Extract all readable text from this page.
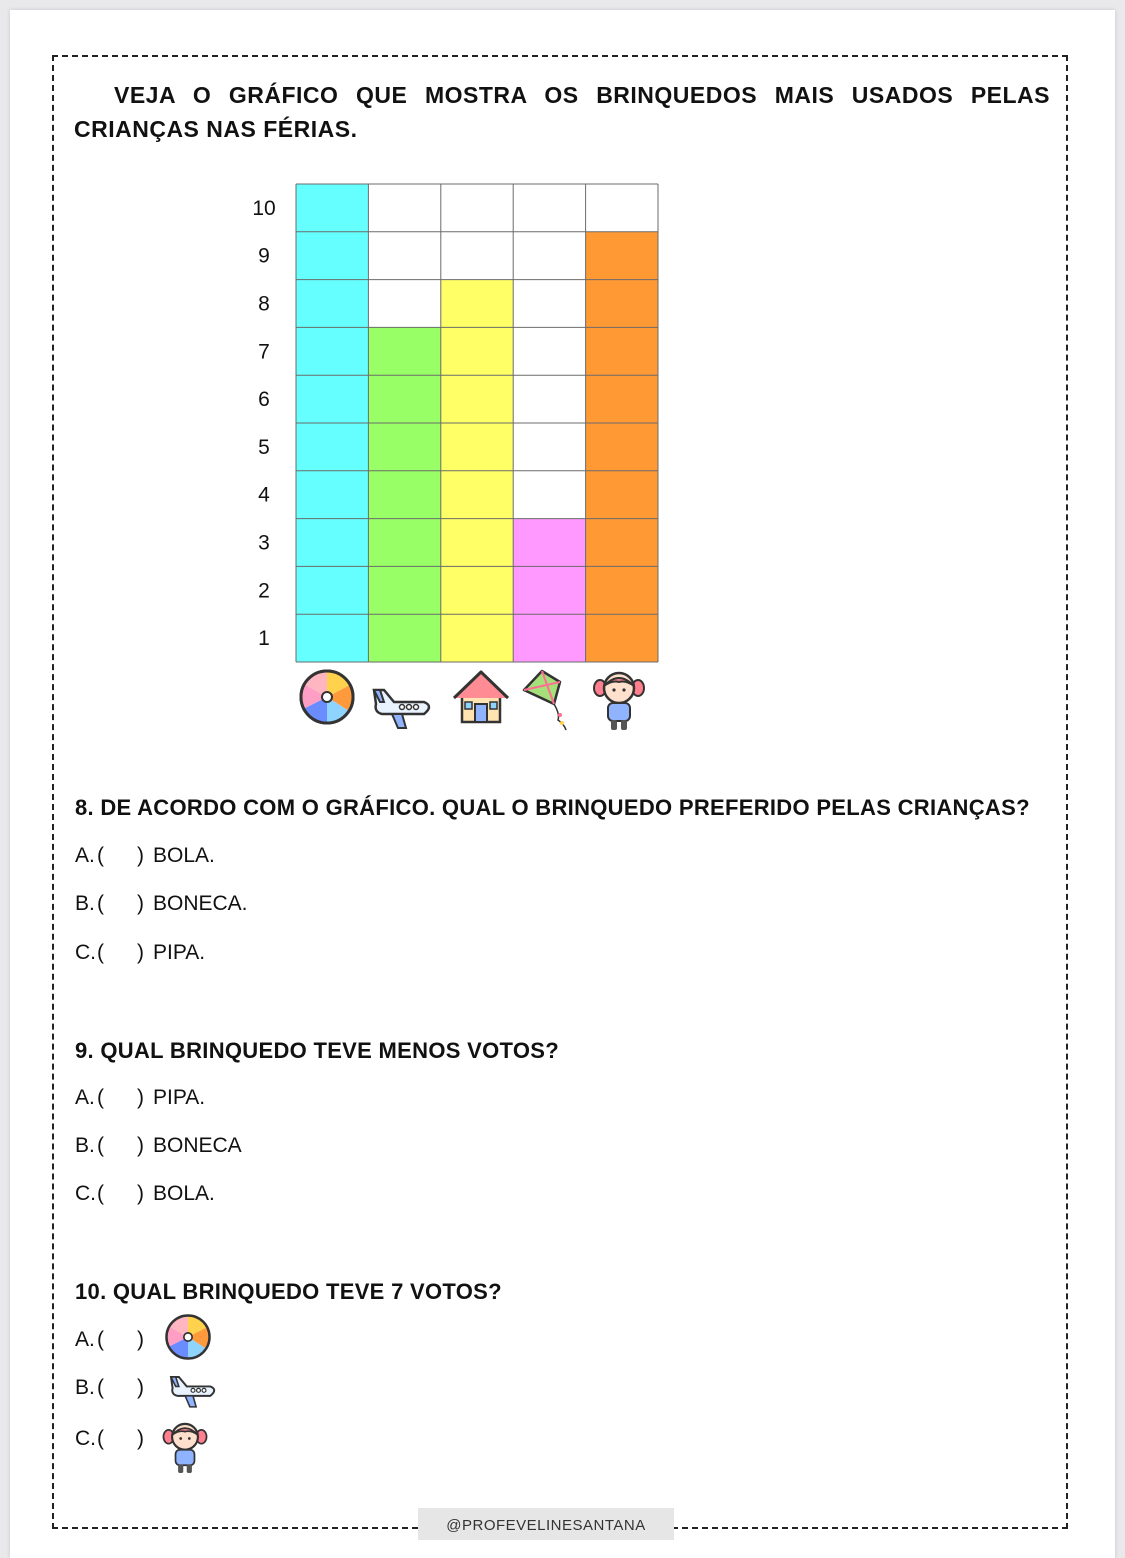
VEJA O GRÁFICO QUE MOSTRA OS BRINQUEDOS MAIS USADOS PELAS CRIANÇAS NAS FÉRIAS.
1
2
3
4
5
6
7
8
9
10
8. DE ACORDO COM O GRÁFICO. QUAL O BRINQUEDO PREFERIDO PELAS CRIANÇAS?
A. ( ) BOLA.
B. ( ) BONECA.
C.( ) PIPA.
9. QUAL BRINQUEDO TEVE MENOS VOTOS?
A. ( ) PIPA.
B. ( ) BONECA
C.( ) BOLA.
10. QUAL BRINQUEDO TEVE 7 VOTOS?
A. ( )
B. ( )
C.( )
@PROFEVELINESANTANA
